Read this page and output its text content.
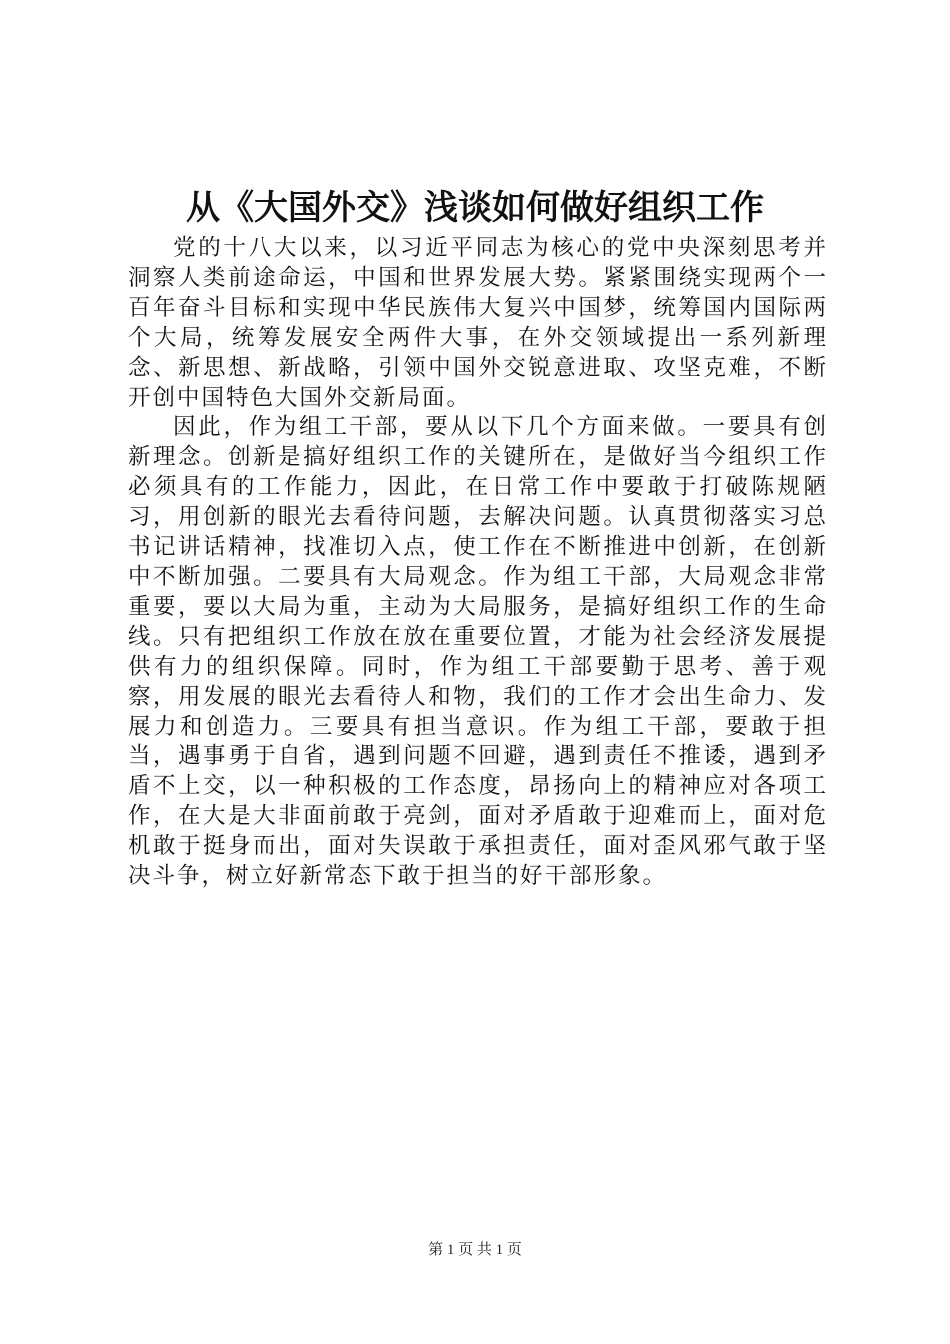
从《大国外交》浅谈如何做好组织工作

党的十八大以来，以习近平同志为核心的党中央深刻思考并洞察人类前途命运，中国和世界发展大势。紧紧围绕实现两个一百年奋斗目标和实现中华民族伟大复兴中国梦，统筹国内国际两个大局，统筹发展安全两件大事，在外交领域提出一系列新理念、新思想、新战略，引领中国外交锐意进取、攻坚克难，不断开创中国特色大国外交新局面。

因此，作为组工干部，要从以下几个方面来做。一要具有创新理念。创新是搞好组织工作的关键所在，是做好当今组织工作必须具有的工作能力，因此，在日常工作中要敢于打破陈规陋习，用创新的眼光去看待问题，去解决问题。认真贯彻落实习总书记讲话精神，找准切入点，使工作在不断推进中创新，在创新中不断加强。二要具有大局观念。作为组工干部，大局观念非常重要，要以大局为重，主动为大局服务，是搞好组织工作的生命线。只有把组织工作放在放在重要位置，才能为社会经济发展提供有力的组织保障。同时，作为组工干部要勤于思考、善于观察，用发展的眼光去看待人和物，我们的工作才会出生命力、发展力和创造力。三要具有担当意识。作为组工干部，要敢于担当，遇事勇于自省，遇到问题不回避，遇到责任不推诿，遇到矛盾不上交，以一种积极的工作态度，昂扬向上的精神应对各项工作，在大是大非面前敢于亮剑，面对矛盾敢于迎难而上，面对危机敢于挺身而出，面对失误敢于承担责任，面对歪风邪气敢于坚决斗争，树立好新常态下敢于担当的好干部形象。

第 1 页 共 1 页
